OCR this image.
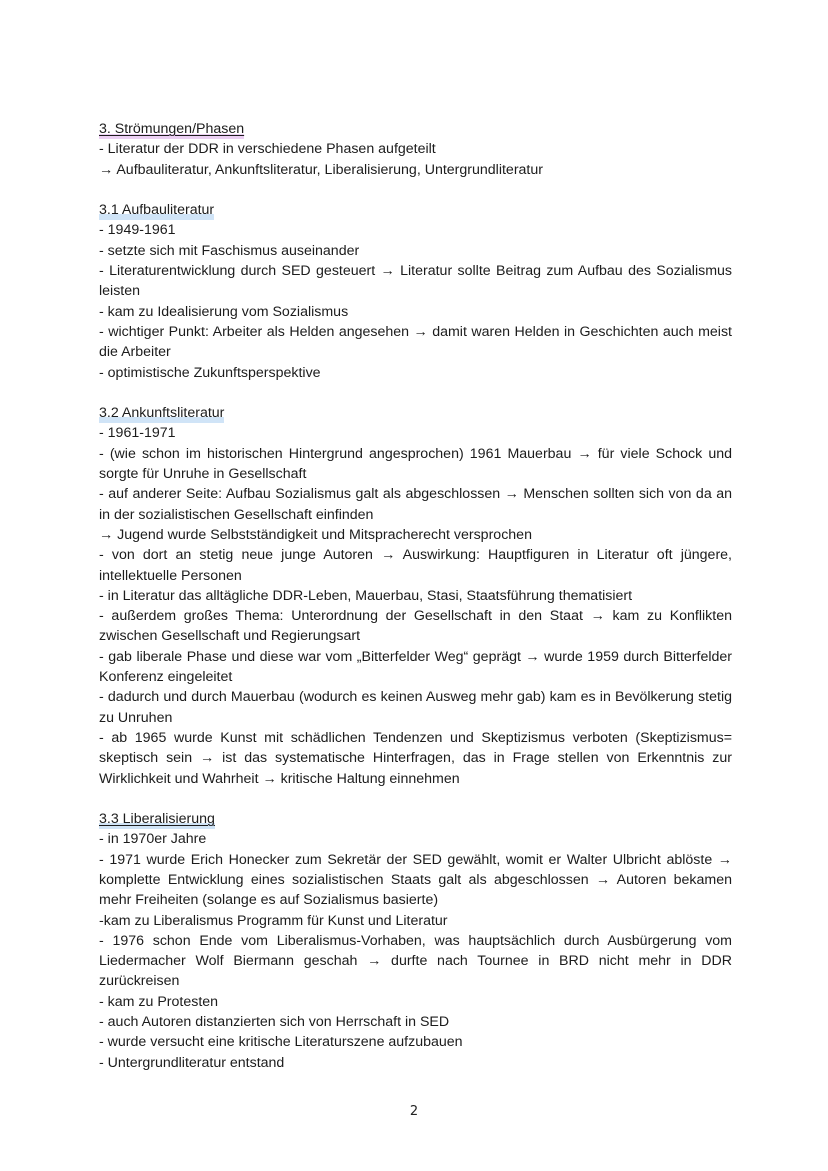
3. Strömungen/Phasen

- Literatur der DDR in verschiedene Phasen aufgeteilt

→ Aufbauliteratur, Ankunftsliteratur, Liberalisierung, Untergrundliteratur

3.1 Aufbauliteratur

- 1949-1961

- setzte sich mit Faschismus auseinander

- Literaturentwicklung durch SED gesteuert → Literatur sollte Beitrag zum Aufbau des Sozialismus leisten

- kam zu Idealisierung vom Sozialismus

- wichtiger Punkt: Arbeiter als Helden angesehen → damit waren Helden in Geschichten auch meist die Arbeiter

- optimistische Zukunftsperspektive

3.2 Ankunftsliteratur

- 1961-1971

- (wie schon im historischen Hintergrund angesprochen) 1961 Mauerbau → für viele Schock und sorgte für Unruhe in Gesellschaft

- auf anderer Seite: Aufbau Sozialismus galt als abgeschlossen → Menschen sollten sich von da an in der sozialistischen Gesellschaft einfinden

→ Jugend wurde Selbstständigkeit und Mitspracherecht versprochen

- von dort an stetig neue junge Autoren → Auswirkung: Hauptfiguren in Literatur oft jüngere, intellektuelle Personen

- in Literatur das alltägliche DDR-Leben, Mauerbau, Stasi, Staatsführung thematisiert

- außerdem großes Thema: Unterordnung der Gesellschaft in den Staat → kam zu Konflikten zwischen Gesellschaft und Regierungsart

- gab liberale Phase und diese war vom „Bitterfelder Weg“ geprägt → wurde 1959 durch Bitterfelder Konferenz eingeleitet

- dadurch und durch Mauerbau (wodurch es keinen Ausweg mehr gab) kam es in Bevölkerung stetig zu Unruhen

- ab 1965 wurde Kunst mit schädlichen Tendenzen und Skeptizismus verboten (Skeptizismus= skeptisch sein → ist das systematische Hinterfragen, das in Frage stellen von Erkenntnis zur Wirklichkeit und Wahrheit → kritische Haltung einnehmen

3.3 Liberalisierung

- in 1970er Jahre

- 1971 wurde Erich Honecker zum Sekretär der SED gewählt, womit er Walter Ulbricht ablöste → komplette Entwicklung eines sozialistischen Staats galt als abgeschlossen → Autoren bekamen mehr Freiheiten (solange es auf Sozialismus basierte)

-kam zu Liberalismus Programm für Kunst und Literatur

- 1976 schon Ende vom Liberalismus-Vorhaben, was hauptsächlich durch Ausbürgerung vom Liedermacher Wolf Biermann geschah → durfte nach Tournee in BRD nicht mehr in DDR zurückreisen

- kam zu Protesten

- auch Autoren distanzierten sich von Herrschaft in SED

- wurde versucht eine kritische Literaturszene aufzubauen

- Untergrundliteratur entstand

2
